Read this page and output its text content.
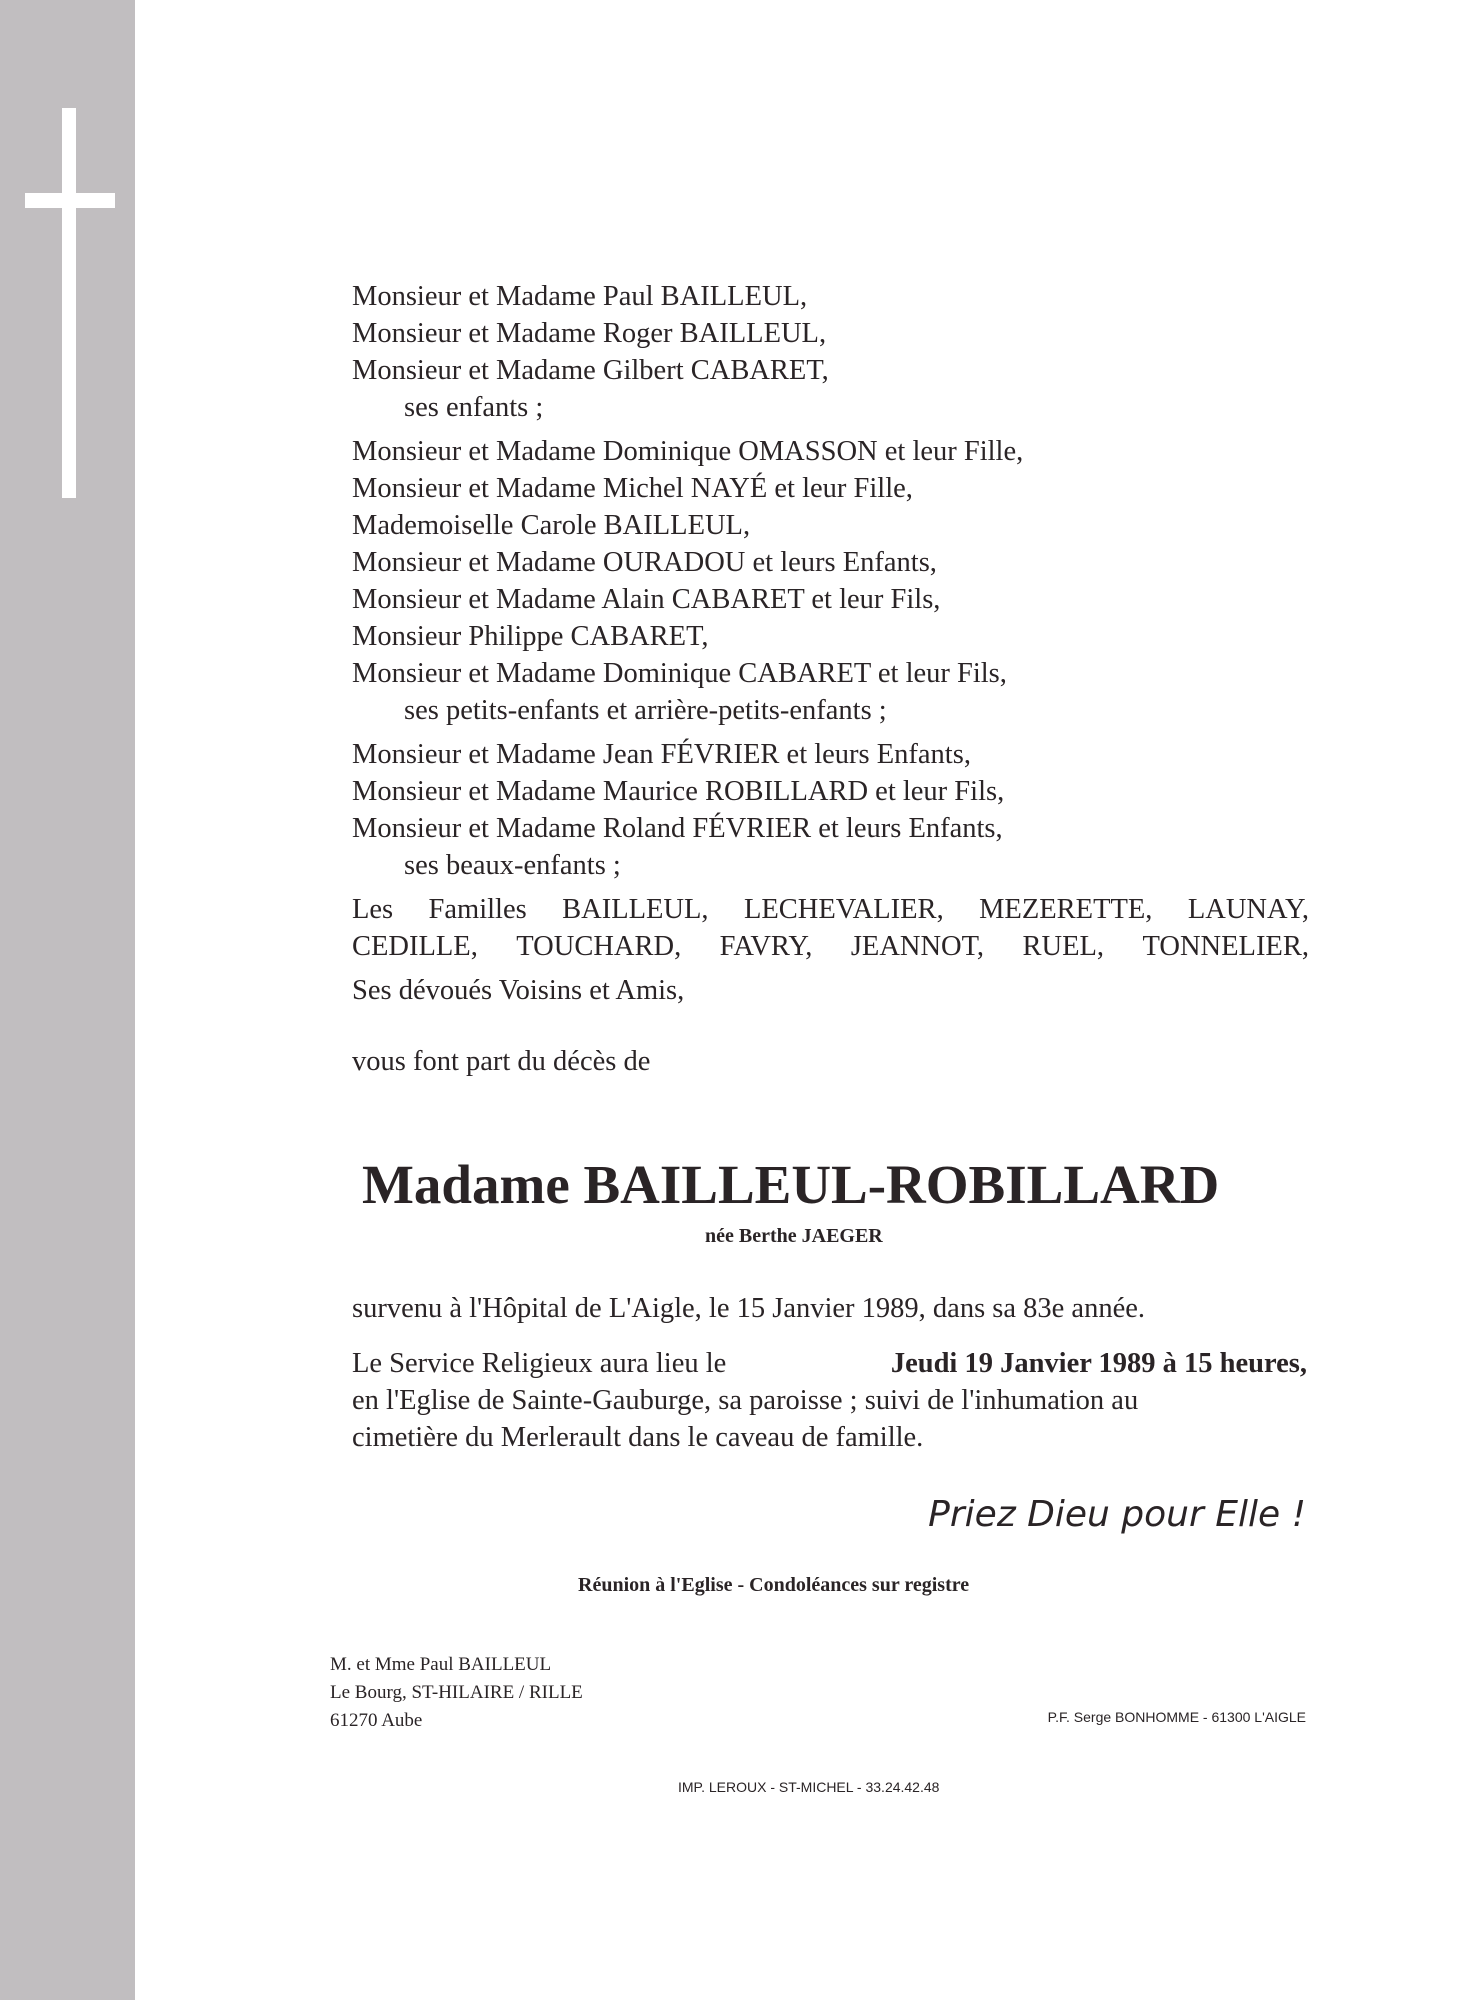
Monsieur et Madame Paul BAILLEUL,
Monsieur et Madame Roger BAILLEUL,
Monsieur et Madame Gilbert CABARET,
ses enfants ;
Monsieur et Madame Dominique OMASSON et leur Fille,
Monsieur et Madame Michel NAYÉ et leur Fille,
Mademoiselle Carole BAILLEUL,
Monsieur et Madame OURADOU et leurs Enfants,
Monsieur et Madame Alain CABARET et leur Fils,
Monsieur Philippe CABARET,
Monsieur et Madame Dominique CABARET et leur Fils,
ses petits-enfants et arrière-petits-enfants ;
Monsieur et Madame Jean FÉVRIER et leurs Enfants,
Monsieur et Madame Maurice ROBILLARD et leur Fils,
Monsieur et Madame Roland FÉVRIER et leurs Enfants,
ses beaux-enfants ;
Les Familles BAILLEUL, LECHEVALIER, MEZERETTE, LAUNAY,
CEDILLE, TOUCHARD, FAVRY, JEANNOT, RUEL, TONNELIER,
Ses dévoués Voisins et Amis,
vous font part du décès de
Madame BAILLEUL-ROBILLARD
née Berthe JAEGER
survenu à l'Hôpital de L'Aigle, le 15 Janvier 1989, dans sa 83e année.
Le Service Religieux aura lieu le	Jeudi 19 Janvier 1989 à 15 heures,
en l'Eglise de Sainte-Gauburge, sa paroisse ; suivi de l'inhumation au
cimetière du Merlerault dans le caveau de famille.
Priez Dieu pour Elle !
Réunion à l'Eglise - Condoléances sur registre
M. et Mme Paul BAILLEUL
Le Bourg, ST-HILAIRE / RILLE
61270 Aube	P.F. Serge BONHOMME - 61300 L'AIGLE
IMP. LEROUX - ST-MICHEL - 33.24.42.48
